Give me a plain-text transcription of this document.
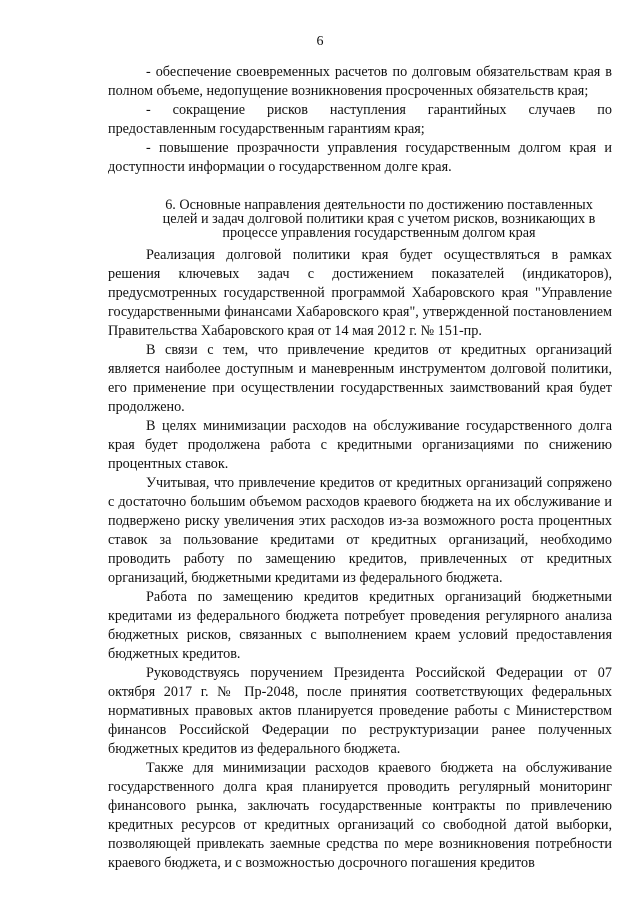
6

- обеспечение своевременных расчетов по долговым обязательствам края в полном объеме, недопущение возникновения просроченных обязательств края;

- сокращение рисков наступления гарантийных случаев по предоставленным государственным гарантиям края;

- повышение прозрачности управления государственным долгом края и доступности информации о государственном долге края.

6. Основные направления деятельности по достижению поставленных целей и задач долговой политики края с учетом рисков, возникающих в процессе управления государственным долгом края

Реализация долговой политики края будет осуществляться в рамках решения ключевых задач с достижением показателей (индикаторов), предусмотренных государственной программой Хабаровского края "Управление государственными финансами Хабаровского края", утвержденной постановлением Правительства Хабаровского края от 14 мая 2012 г. № 151-пр.

В связи с тем, что привлечение кредитов от кредитных организаций является наиболее доступным и маневренным инструментом долговой политики, его применение при осуществлении государственных заимствований края будет продолжено.

В целях минимизации расходов на обслуживание государственного долга края будет продолжена работа с кредитными организациями по снижению процентных ставок.

Учитывая, что привлечение кредитов от кредитных организаций сопряжено с достаточно большим объемом расходов краевого бюджета на их обслуживание и подвержено риску увеличения этих расходов из-за возможного роста процентных ставок за пользование кредитами от кредитных организаций, необходимо проводить работу по замещению кредитов, привлеченных от кредитных организаций, бюджетными кредитами из федерального бюджета.

Работа по замещению кредитов кредитных организаций бюджетными кредитами из федерального бюджета потребует проведения регулярного анализа бюджетных рисков, связанных с выполнением краем условий предоставления бюджетных кредитов.

Руководствуясь поручением Президента Российской Федерации от 07 октября 2017 г. № Пр-2048, после принятия соответствующих федеральных нормативных правовых актов планируется проведение работы с Министерством финансов Российской Федерации по реструктуризации ранее полученных бюджетных кредитов из федерального бюджета.

Также для минимизации расходов краевого бюджета на обслуживание государственного долга края планируется проводить регулярный мониторинг финансового рынка, заключать государственные контракты по привлечению кредитных ресурсов от кредитных организаций со свободной датой выборки, позволяющей привлекать заемные средства по мере возникновения потребности краевого бюджета, и с возможностью досрочного погашения кредитов
